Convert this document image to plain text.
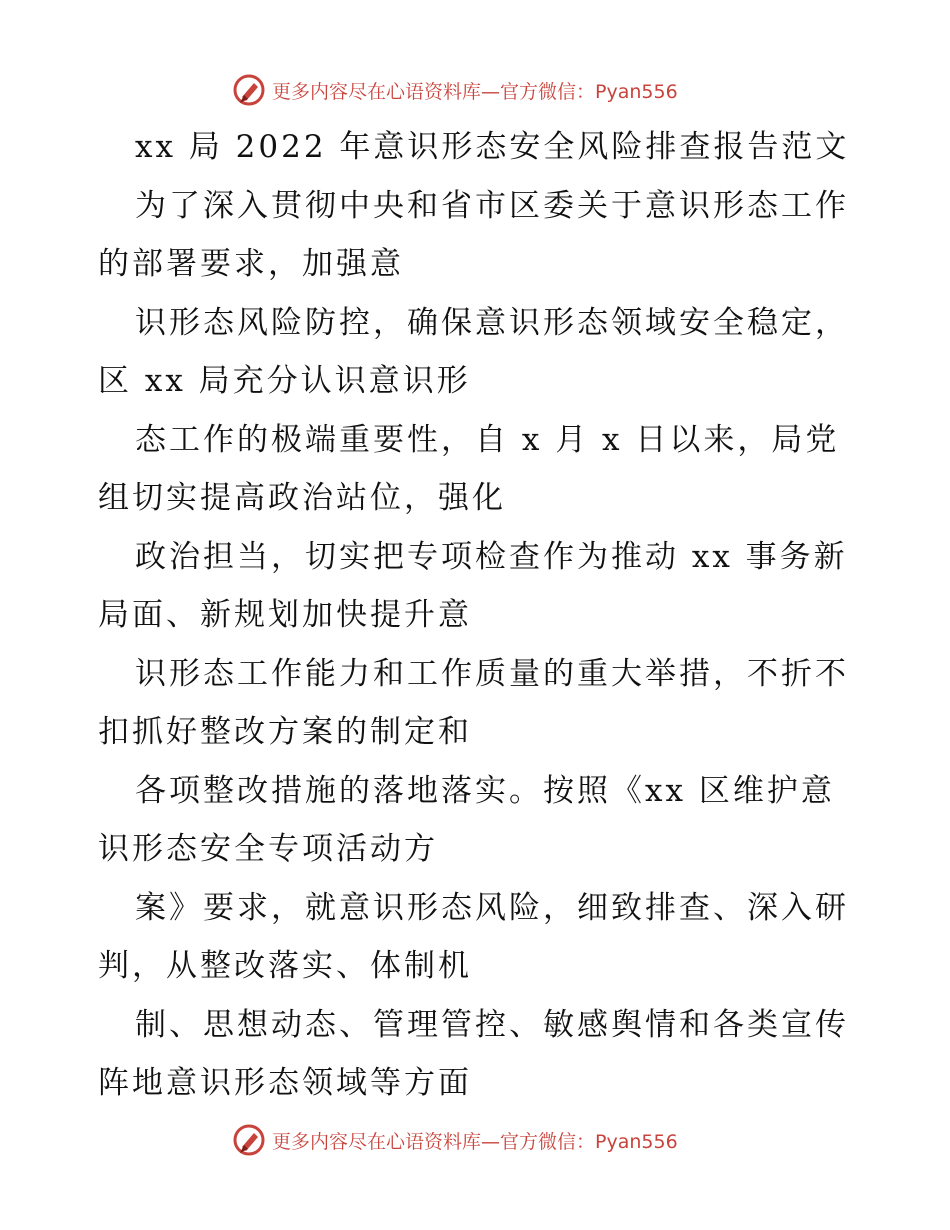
更多内容尽在心语资料库—官方微信：Pyan556
xx 局 2022 年意识形态安全风险排查报告范文
为了深入贯彻中央和省市区委关于意识形态工作
的部署要求，加强意
识形态风险防控，确保意识形态领域安全稳定，
区 xx 局充分认识意识形
态工作的极端重要性，自 x 月 x 日以来，局党
组切实提高政治站位，强化
政治担当，切实把专项检查作为推动 xx 事务新
局面、新规划加快提升意
识形态工作能力和工作质量的重大举措，不折不
扣抓好整改方案的制定和
各项整改措施的落地落实。按照《xx 区维护意
识形态安全专项活动方
案》要求，就意识形态风险，细致排查、深入研
判，从整改落实、体制机
制、思想动态、管理管控、敏感舆情和各类宣传
阵地意识形态领域等方面
更多内容尽在心语资料库—官方微信：Pyan556
